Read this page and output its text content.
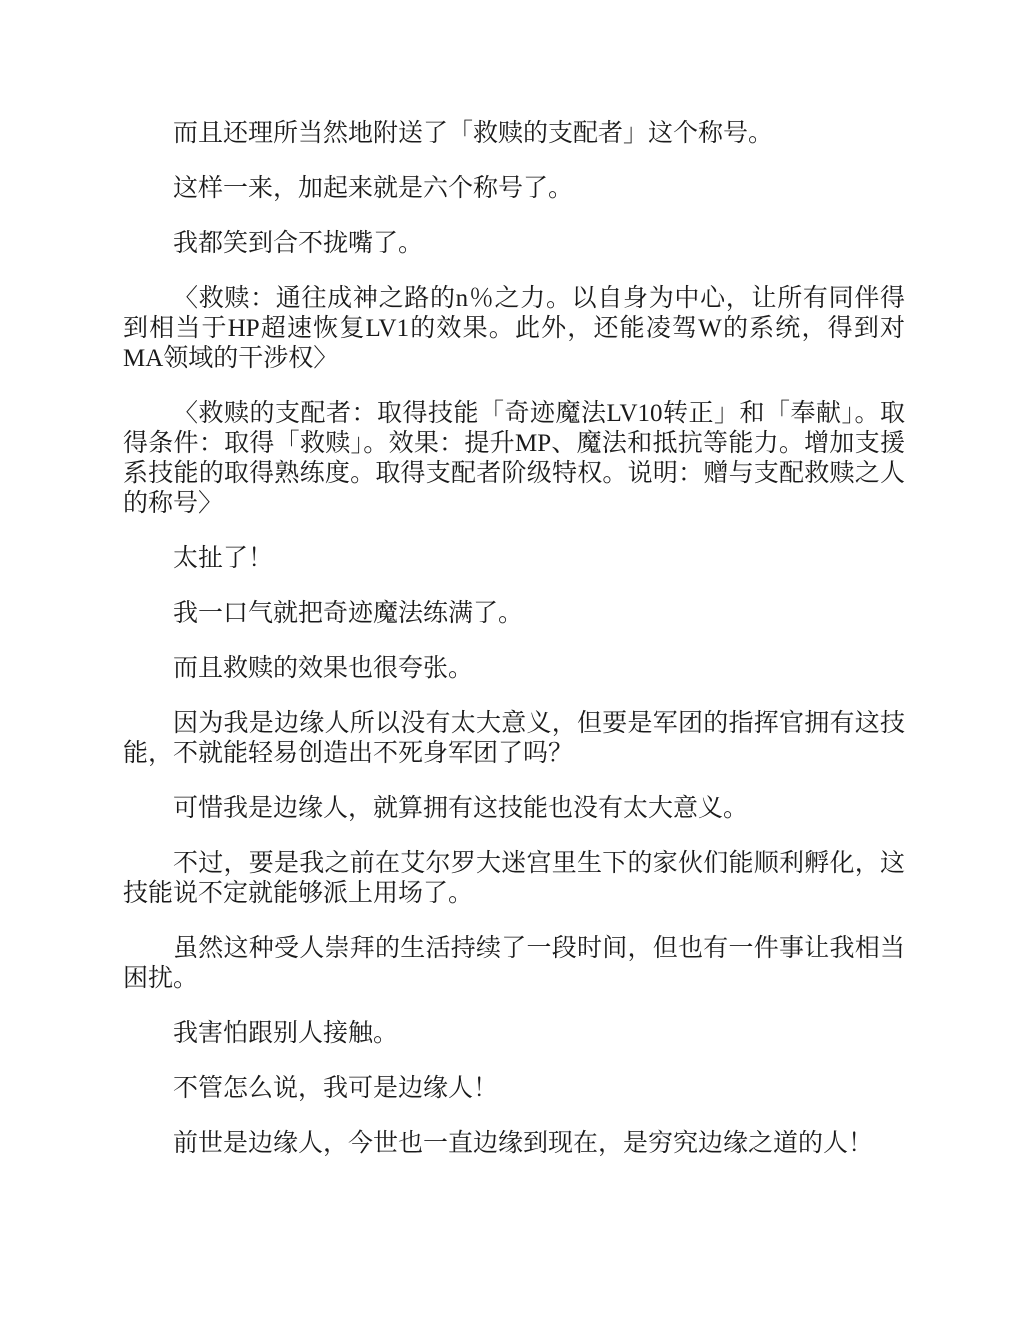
而且还理所当然地附送了「救赎的支配者」这个称号。

这样一来，加起来就是六个称号了。

我都笑到合不拢嘴了。

〈救赎：通往成神之路的n％之力。以自身为中心，让所有同伴得到相当于HP超速恢复LV1的效果。此外，还能凌驾W的系统，得到对MA领域的干涉权〉

〈救赎的支配者：取得技能「奇迹魔法LV10转正」和「奉献」。取得条件：取得「救赎」。效果：提升MP、魔法和抵抗等能力。增加支援系技能的取得熟练度。取得支配者阶级特权。说明：赠与支配救赎之人的称号〉

太扯了！

我一口气就把奇迹魔法练满了。

而且救赎的效果也很夸张。

因为我是边缘人所以没有太大意义，但要是军团的指挥官拥有这技能，不就能轻易创造出不死身军团了吗？

可惜我是边缘人，就算拥有这技能也没有太大意义。

不过，要是我之前在艾尔罗大迷宫里生下的家伙们能顺利孵化，这技能说不定就能够派上用场了。

虽然这种受人崇拜的生活持续了一段时间，但也有一件事让我相当困扰。

我害怕跟别人接触。

不管怎么说，我可是边缘人！

前世是边缘人，今世也一直边缘到现在，是穷究边缘之道的人！
